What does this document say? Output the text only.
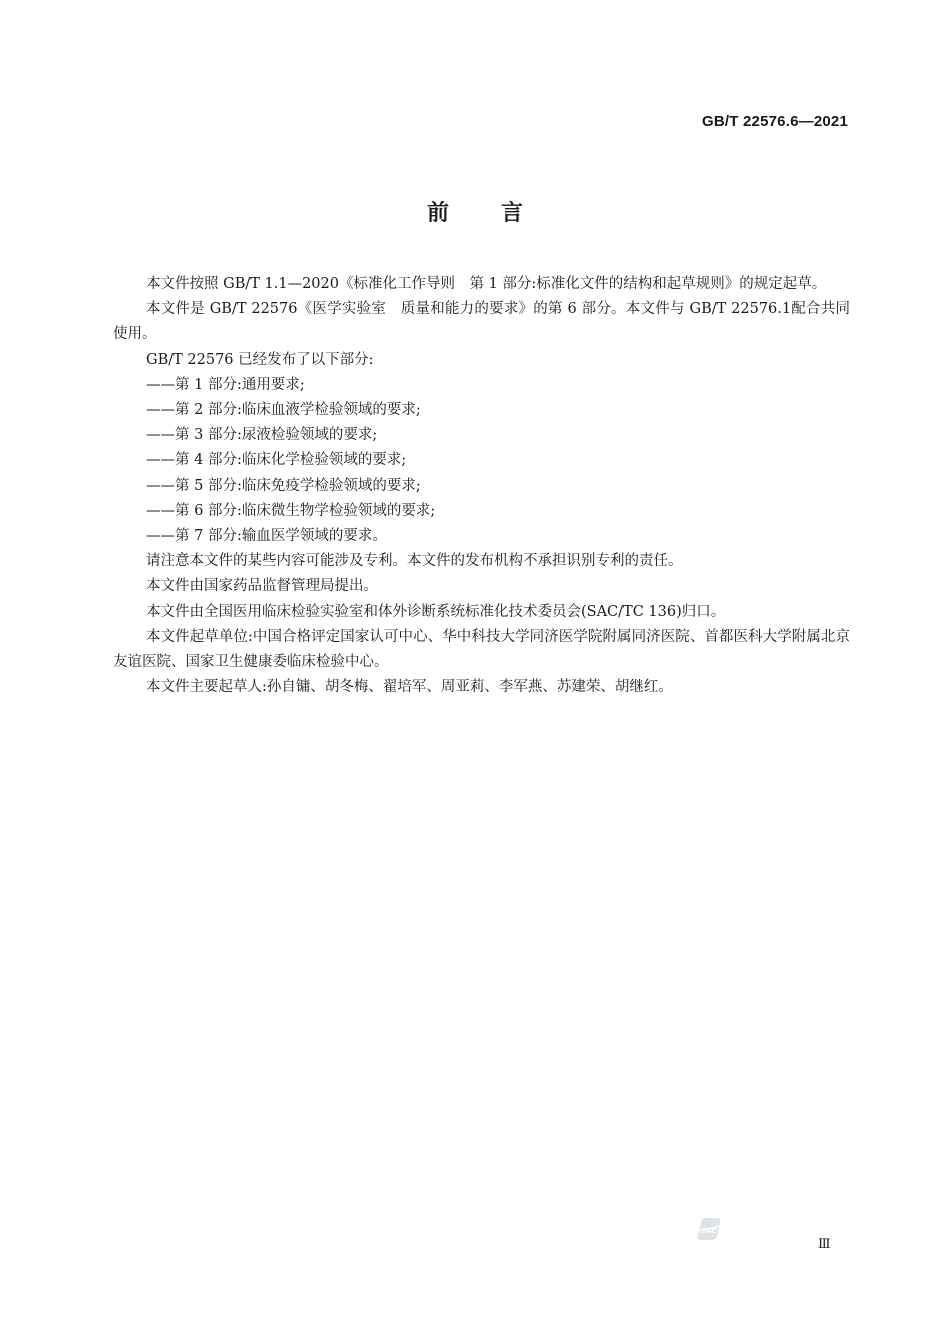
GB/T 22576.6—2021
前言

本文件按照 GB/T 1.1—2020《标准化工作导则　第 1 部分:标准化文件的结构和起草规则》的规定起草。

本文件是 GB/T 22576《医学实验室　质量和能力的要求》的第 6 部分。本文件与 GB/T 22576.1配合共同使用。

GB/T 22576 已经发布了以下部分:

——第 1 部分:通用要求;

——第 2 部分:临床血液学检验领域的要求;

——第 3 部分:尿液检验领域的要求;

——第 4 部分:临床化学检验领域的要求;

——第 5 部分:临床免疫学检验领域的要求;

——第 6 部分:临床微生物学检验领域的要求;

——第 7 部分:输血医学领域的要求。

请注意本文件的某些内容可能涉及专利。本文件的发布机构不承担识别专利的责任。

本文件由国家药品监督管理局提出。

本文件由全国医用临床检验实验室和体外诊断系统标准化技术委员会(SAC/TC 136)归口。

本文件起草单位:中国合格评定国家认可中心、华中科技大学同济医学院附属同济医院、首都医科大学附属北京友谊医院、国家卫生健康委临床检验中心。

本文件主要起草人:孙自镛、胡冬梅、翟培军、周亚莉、李军燕、苏建荣、胡继红。

SAC
Ⅲ
